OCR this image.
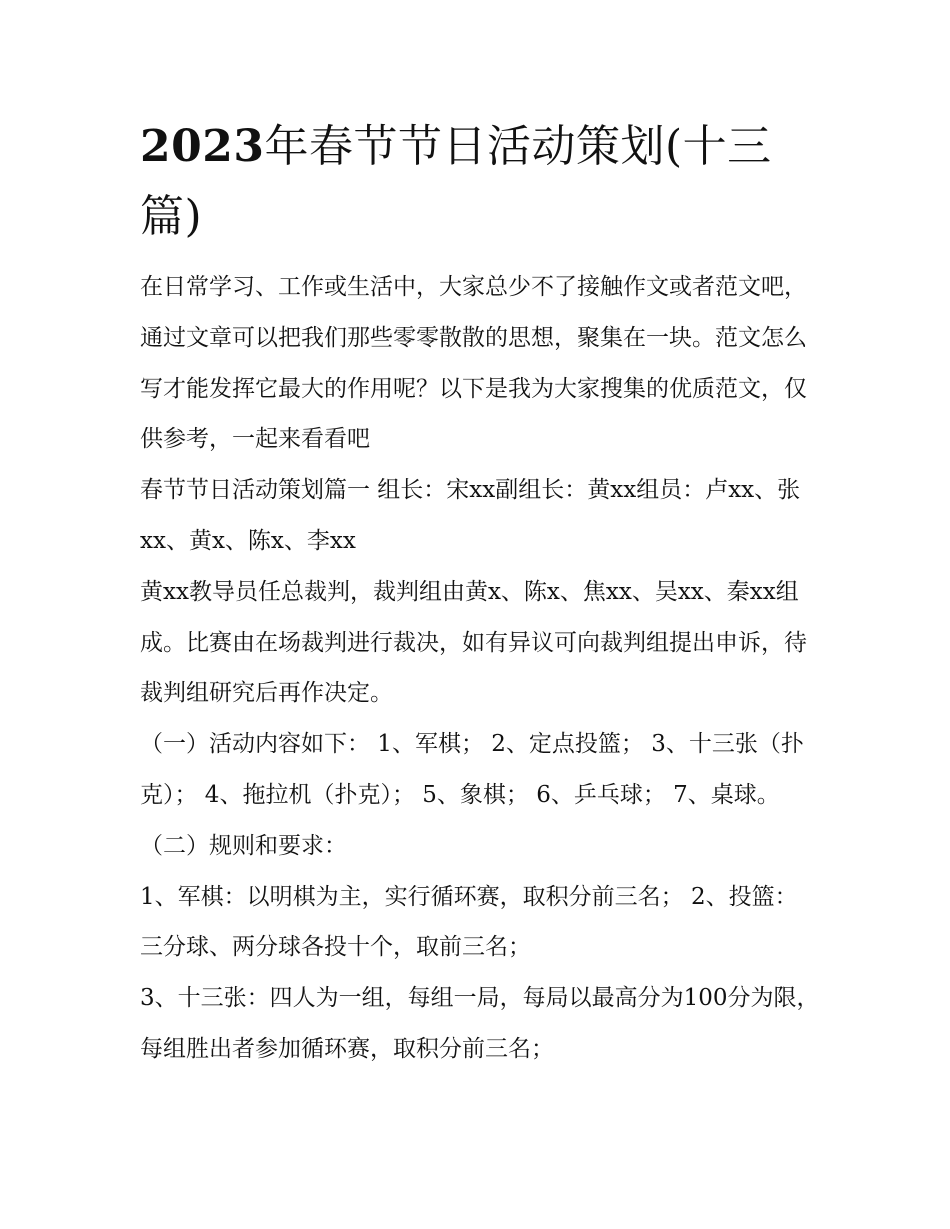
2023年春节节日活动策划(十三篇)

在日常学习、工作或生活中，大家总少不了接触作文或者范文吧，通过文章可以把我们那些零零散散的思想，聚集在一块。范文怎么写才能发挥它最大的作用呢？以下是我为大家搜集的优质范文，仅供参考，一起来看看吧

春节节日活动策划篇一 组长：宋xx副组长：黄xx组员：卢xx、张xx、黄x、陈x、李xx

黄xx教导员任总裁判，裁判组由黄x、陈x、焦xx、吴xx、秦xx组成。比赛由在场裁判进行裁决，如有异议可向裁判组提出申诉，待裁判组研究后再作决定。

（一）活动内容如下： 1、军棋； 2、定点投篮； 3、十三张（扑克）； 4、拖拉机（扑克）； 5、象棋； 6、乒乓球； 7、桌球。 （二）规则和要求：

1、军棋：以明棋为主，实行循环赛，取积分前三名； 2、投篮：三分球、两分球各投十个，取前三名；

3、十三张：四人为一组，每组一局，每局以最高分为100分为限，每组胜出者参加循环赛，取积分前三名；
